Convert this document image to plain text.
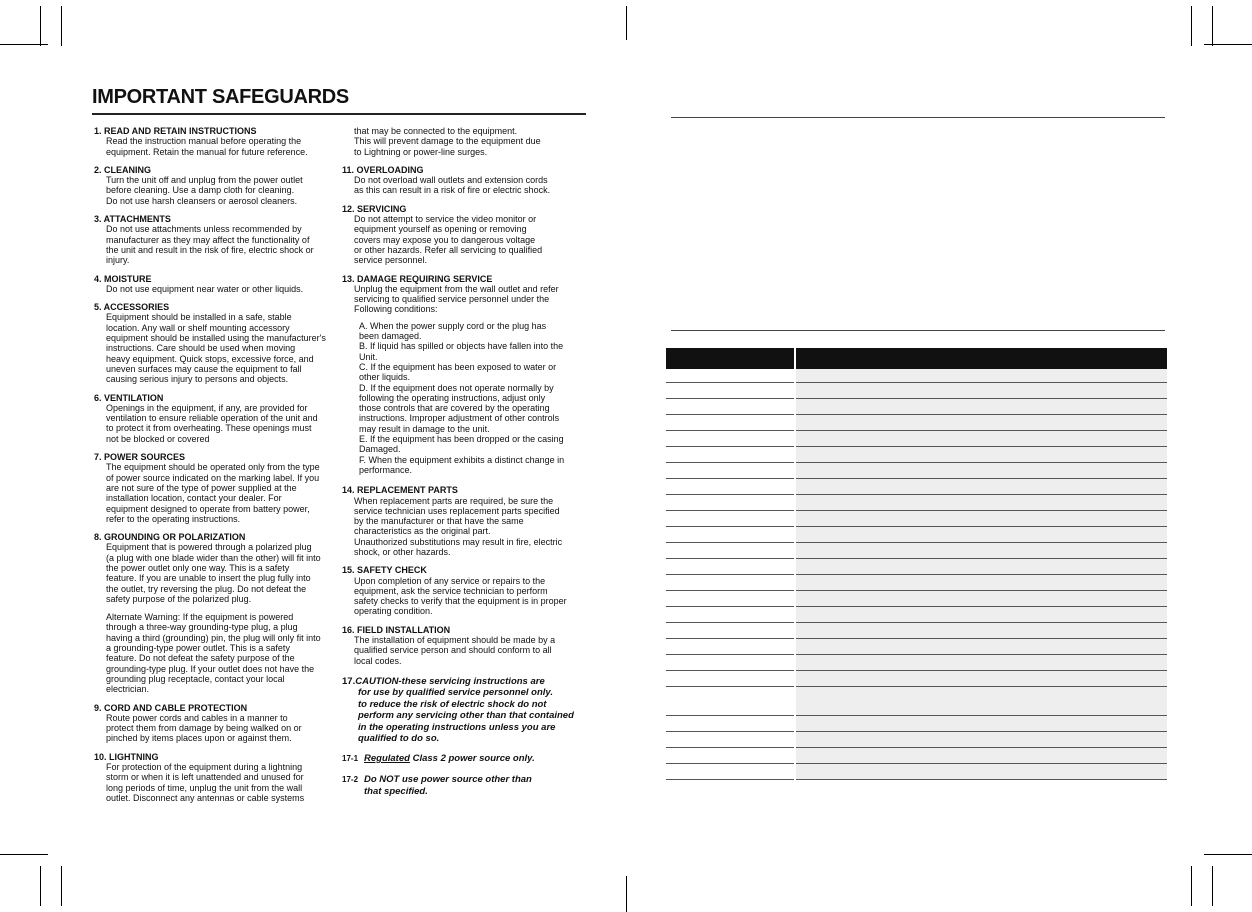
IMPORTANT SAFEGUARDS
1. READ AND RETAIN INSTRUCTIONS
Read the instruction manual before operating the
equipment. Retain the manual for future reference.
2. CLEANING
Turn the unit off and unplug from the power outlet
before cleaning. Use a damp cloth for cleaning.
Do not use harsh cleansers or aerosol cleaners.
3. ATTACHMENTS
Do not use attachments unless recommended by
manufacturer as they may affect the functionality of
the unit and result in the risk of fire, electric shock or
injury.
4. MOISTURE
Do not use equipment near water or other liquids.
5. ACCESSORIES
Equipment should be installed in a safe, stable
location. Any wall or shelf mounting accessory
equipment should be installed using the manufacturer's
instructions. Care should be used when moving
heavy equipment. Quick stops, excessive force, and
uneven surfaces may cause the equipment to fall
causing serious injury to persons and objects.
6. VENTILATION
Openings in the equipment, if any, are provided for
ventilation to ensure reliable operation of the unit and
to protect it from overheating. These openings must
not be blocked or covered
7. POWER SOURCES
The equipment should be operated only from the type
of power source indicated on the marking label. If you
are not sure of the type of power supplied at the
installation location, contact your dealer. For
equipment designed to operate from battery power,
refer to the operating instructions.
8. GROUNDING OR POLARIZATION
Equipment that is powered through a polarized plug
(a plug with one blade wider than the other) will fit into
the power outlet only one way. This is a safety
feature. If you are unable to insert the plug fully into
the outlet, try reversing the plug. Do not defeat the
safety purpose of the polarized plug.
Alternate Warning: If the equipment is powered
through a three-way grounding-type plug, a plug
having a third (grounding) pin, the plug will only fit into
a grounding-type power outlet. This is a safety
feature. Do not defeat the safety purpose of the
grounding-type plug. If your outlet does not have the
grounding plug receptacle, contact your local
electrician.
9. CORD AND CABLE PROTECTION
Route power cords and cables in a manner to
protect them from damage by being walked on or
pinched by items places upon or against them.
10. LIGHTNING
For protection of the equipment during a lightning
storm or when it is left unattended and unused for
long periods of time, unplug the unit from the wall
outlet. Disconnect any antennas or cable systems
that may be connected to the equipment.
This will prevent damage to the equipment due
to Lightning or power-line surges.
11. OVERLOADING
Do not overload wall outlets and extension cords
as this can result in a risk of fire or electric shock.
12. SERVICING
Do not attempt to service the video monitor or
equipment yourself as opening or removing
covers may expose you to dangerous voltage
or other hazards. Refer all servicing to qualified
service personnel.
13. DAMAGE REQUIRING SERVICE
Unplug the equipment from the wall outlet and refer
servicing to qualified service personnel under the
Following conditions:
A. When the power supply cord or the plug has
been damaged.
B. If liquid has spilled or objects have fallen into the
Unit.
C. If the equipment has been exposed to water or
other liquids.
D. If the equipment does not operate normally by
following the operating instructions, adjust only
those controls that are covered by the operating
instructions. Improper adjustment of other controls
may result in damage to the unit.
E. If the equipment has been dropped or the casing
Damaged.
F. When the equipment exhibits a distinct change in
performance.
14. REPLACEMENT PARTS
When replacement parts are required, be sure the
service technician uses replacement parts specified
by the manufacturer or that have the same
characteristics as the original part.
Unauthorized substitutions may result in fire, electric
shock, or other hazards.
15. SAFETY CHECK
Upon completion of any service or repairs to the
equipment, ask the service technician to perform
safety checks to verify that the equipment is in proper
operating condition.
16. FIELD INSTALLATION
The installation of equipment should be made by a
qualified service person and should conform to all
local codes.
17.CAUTION-these servicing instructions are
for use by qualified service personnel only.
to reduce the risk of electric shock do not
perform any servicing other than that contained
in the operating instructions unless you are
qualified to do so.
17-1 Regulated Class 2 power source only.
17-2 Do NOT use power source other than
that specified.
